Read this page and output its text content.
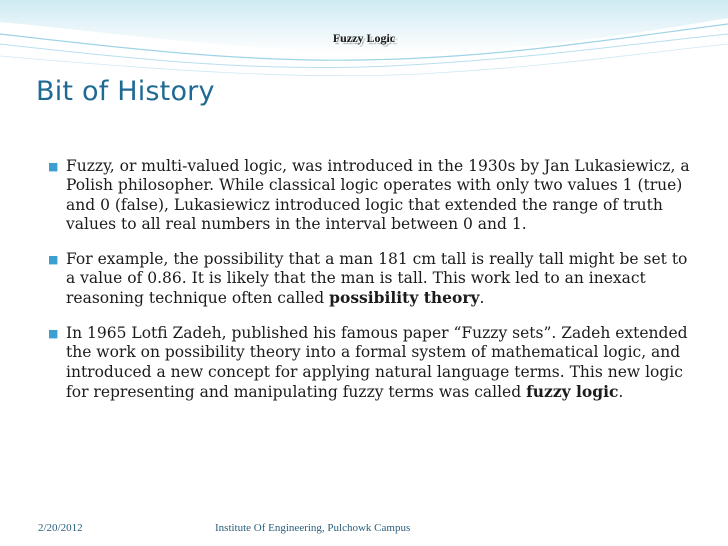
Fuzzy Logic
Bit of History
■ Fuzzy, or multi-valued logic, was introduced in the 1930s by Jan Lukasiewicz, a Polish philosopher. While classical logic operates with only two values 1 (true) and 0 (false), Lukasiewicz introduced logic that extended the range of truth values to all real numbers in the interval between 0 and 1.
■ For example, the possibility that a man 181 cm tall is really tall might be set to a value of 0.86. It is likely that the man is tall. This work led to an inexact reasoning technique often called possibility theory.
■ In 1965 Lotfi Zadeh, published his famous paper “Fuzzy sets”. Zadeh extended the work on possibility theory into a formal system of mathematical logic, and introduced a new concept for applying natural language terms. This new logic for representing and manipulating fuzzy terms was called fuzzy logic.
2/20/2012	Institute Of Engineering, Pulchowk Campus
